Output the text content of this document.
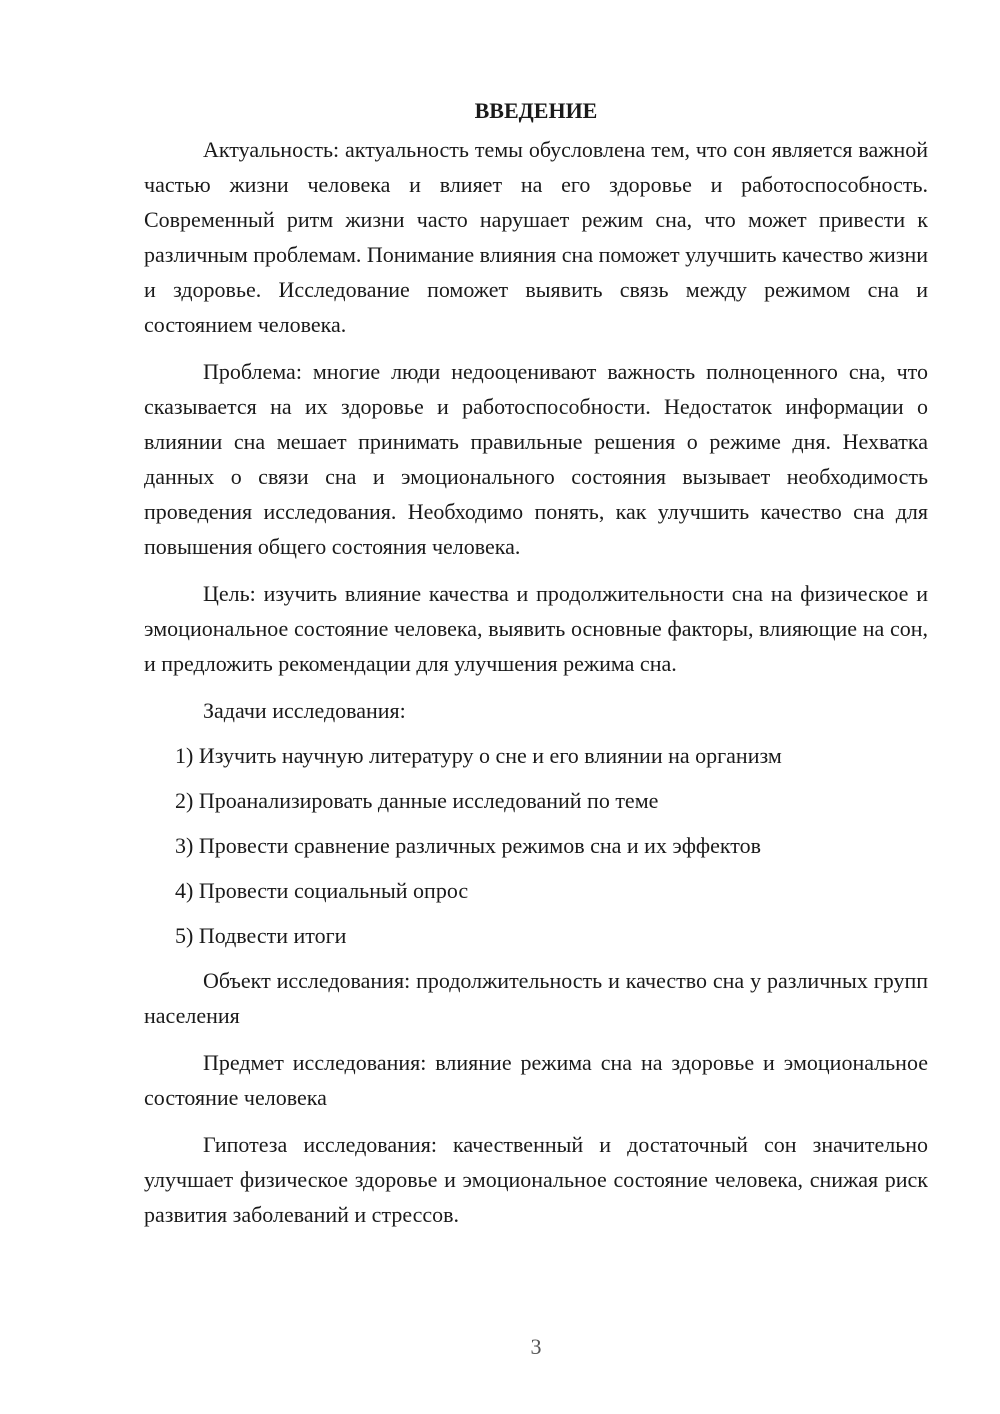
ВВЕДЕНИЕ

Актуальность: актуальность темы обусловлена тем, что сон является важной частью жизни человека и влияет на его здоровье и работоспособность. Современный ритм жизни часто нарушает режим сна, что может привести к различным проблемам. Понимание влияния сна поможет улучшить качество жизни и здоровье. Исследование поможет выявить связь между режимом сна и состоянием человека.

Проблема: многие люди недооценивают важность полноценного сна, что сказывается на их здоровье и работоспособности. Недостаток информации о влиянии сна мешает принимать правильные решения о режиме дня. Нехватка данных о связи сна и эмоционального состояния вызывает необходимость проведения исследования. Необходимо понять, как улучшить качество сна для повышения общего состояния человека.

Цель: изучить влияние качества и продолжительности сна на физическое и эмоциональное состояние человека, выявить основные факторы, влияющие на сон, и предложить рекомендации для улучшения режима сна.

Задачи исследования:

1) Изучить научную литературу о сне и его влиянии на организм
2) Проанализировать данные исследований по теме
3) Провести сравнение различных режимов сна и их эффектов
4) Провести социальный опрос
5) Подвести итоги

Объект исследования: продолжительность и качество сна у различных групп населения

Предмет исследования: влияние режима сна на здоровье и эмоциональное состояние человека

Гипотеза исследования: качественный и достаточный сон значительно улучшает физическое здоровье и эмоциональное состояние человека, снижая риск развития заболеваний и стрессов.

3
